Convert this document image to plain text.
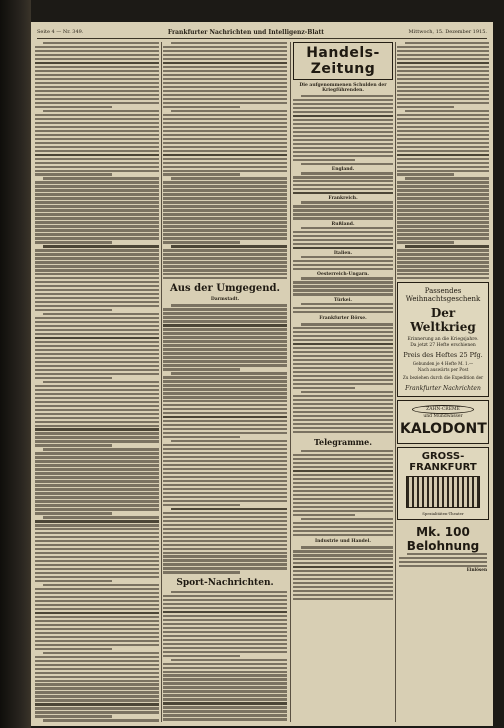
Seite 4 — Nr. 349.	Frankfurter Nachrichten und Intelligenz-Blatt	Mittwoch, 15. Dezember 1915.
Aus der Umgegend.
Darmstadt.
Sport-Nachrichten.
Handels-Zeitung
Die aufgenommenen Schulden der Kriegführenden.
England.
Frankreich.
Rußland.
Italien.
Oesterreich-Ungarn.
Türkei.
Frankfurter Börse.
Telegramme.
Industrie und Handel.
Passendes
Weihnachtsgeschenk
Der Weltkrieg
Erinnerung an die Kriegsjahre.
Da jetzt 27 Hefte erschienen
Preis des Heftes 25 Pfg.
Gebunden je 4 Hefte M. 1.—
Nach auswärts per Post
Zu beziehen durch die Expedition der
Frankfurter Nachrichten
ZAHN-CREME
und Mundwasser
KALODONT
GROSS-FRANKFURT
Spezialitäten-Theater
Mk. 100 Belohnung
Einlösen
